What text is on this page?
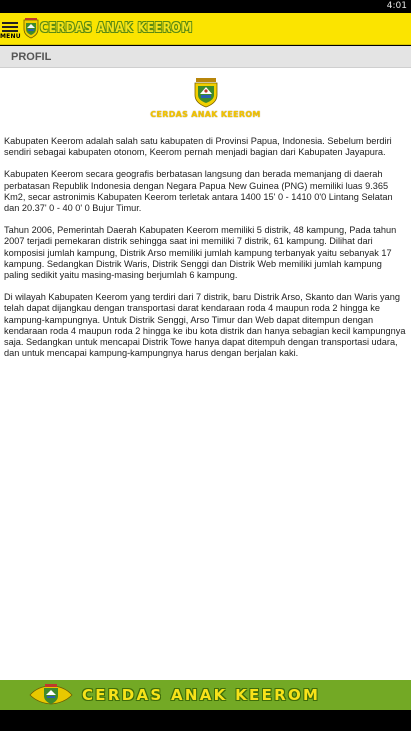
4:01
MENU
CERDAS ANAK KEEROM
PROFIL
CERDAS ANAK KEEROM

Kabupaten Keerom adalah salah satu kabupaten di Provinsi Papua, Indonesia. Sebelum berdiri sendiri sebagai kabupaten otonom, Keerom pernah menjadi bagian dari Kabupaten Jayapura.

Kabupaten Keerom secara geografis berbatasan langsung dan berada memanjang di daerah perbatasan Republik Indonesia dengan Negara Papua New Guinea (PNG) memiliki luas 9.365 Km2, secar astronimis Kabupaten Keerom terletak antara 1400 15' 0 - 1410 0'0 Lintang Selatan dan 20.37' 0 - 40 0' 0 Bujur Timur.

Tahun 2006, Pemerintah Daerah Kabupaten Keerom memiliki 5 distrik, 48 kampung, Pada tahun 2007 terjadi pemekaran distrik sehingga saat ini memiliki 7 distrik, 61 kampung. Dilihat dari komposisi jumlah kampung, Distrik Arso memiliki jumlah kampung terbanyak yaitu sebanyak 17 kampung. Sedangkan Distrik Waris, Distrik Senggi dan Distrik Web memiliki jumlah kampung paling sedikit yaitu masing-masing berjumlah 6 kampung.

Di wilayah Kabupaten Keerom yang terdiri dari 7 distrik, baru Distrik Arso, Skanto dan Waris yang telah dapat dijangkau dengan transportasi darat kendaraan roda 4 maupun roda 2 hingga ke kampung-kampungnya. Untuk Distrik Senggi, Arso Timur dan Web dapat ditempun dengan kendaraan roda 4 maupun roda 2 hingga ke ibu kota distrik dan hanya sebagian kecil kampungnya saja. Sedangkan untuk mencapai Distrik Towe hanya dapat ditempuh dengan transportasi udara, dan untuk mencapai kampung-kampungnya harus dengan berjalan kaki.

CERDAS ANAK KEEROM
